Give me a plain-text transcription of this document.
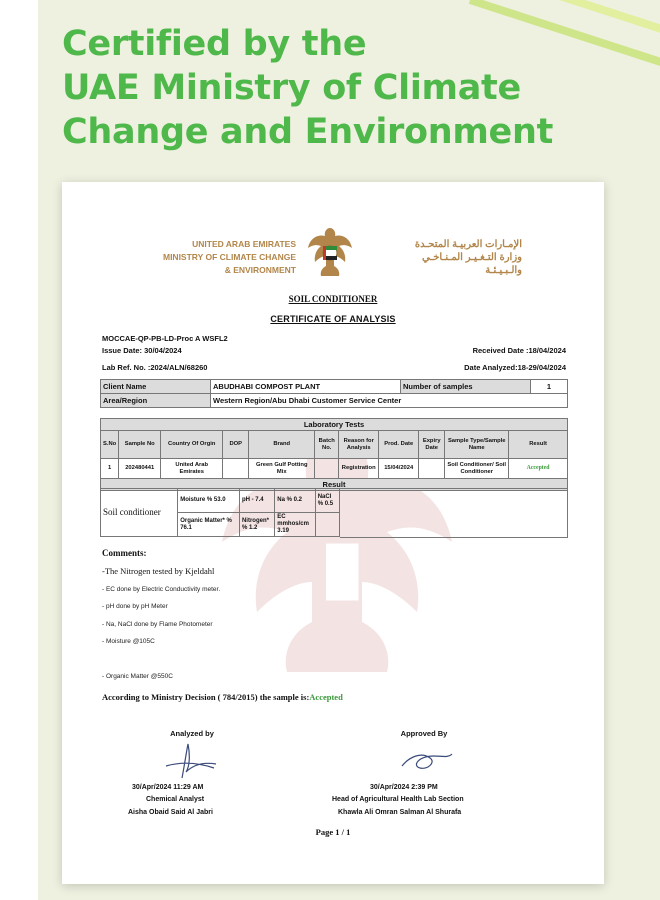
Certified by the
UAE Ministry of Climate
Change and Environment
UNITED ARAB EMIRATES
MINISTRY OF CLIMATE CHANGE
& ENVIRONMENT
الإمـارات العربيـة المتحـدة
وزارة التـغـيـر المـنـاخـي
والـبـيـئـة
SOIL CONDITIONER
CERTIFICATE OF ANALYSIS
MOCCAE-QP-PB-LD-Proc A WSFL2
Issue Date: 30/04/2024
Lab Ref. No. :2024/ALN/68260
Received Date :18/04/2024
Date Analyzed:18-29/04/2024
Client Name	ABUDHABI COMPOST PLANT	Number of samples	1
Area/Region	Western Region/Abu Dhabi Customer Service Center		
Laboratory Tests										
S.No	Sample No	Country Of Orgin	DOP	Brand	Batch No.	Reason for Analysis	Prod. Date	Expiry Date	Sample Type/Sample Name	Result
1	202480441	United Arab Emirates		Green Gulf Potting Mix		Registration	15/04/2024		Soil Conditioner/ Soil Conditioner	Accepted
Result										
Soil conditioner	Moisture % 53.0	pH - 7.4	Na % 0.2	NaCl % 0.5
	Organic Matter* % 76.1	Nitrogen* % 1.2	EC mmhos/cm 3.19	
Comments:
-The Nitrogen tested by Kjeldahl
- EC done by Electric Conductivity meter.
- pH done by pH Meter
- Na, NaCl done by Flame Photometer
- Moisture @105C
- Organic Matter @550C
According to Ministry Decision ( 784/2015) the sample is:Accepted
Analyzed by
30/Apr/2024 11:29 AM
Chemical Analyst
Aisha Obaid Said Al Jabri
Approved By
30/Apr/2024 2:39 PM
Head of Agricultural Health Lab Section
Khawla Ali Omran Salman Al Shurafa
Page 1 / 1
